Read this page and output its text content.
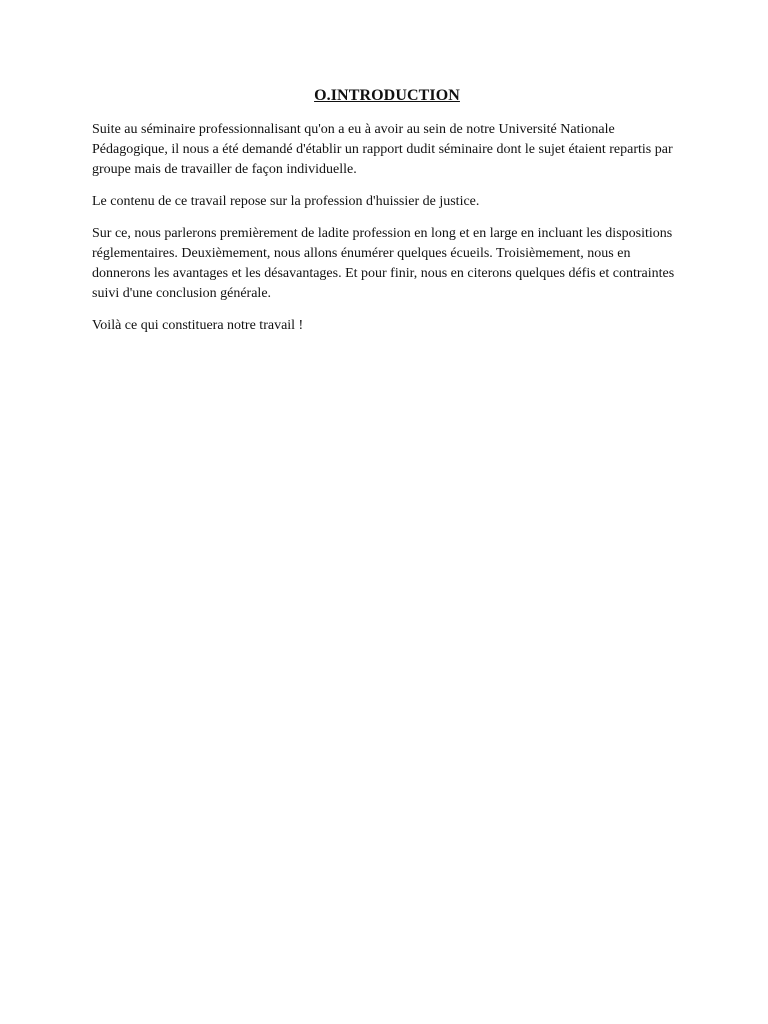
O.INTRODUCTION

Suite au séminaire professionnalisant qu'on a eu à avoir au sein de notre Université Nationale Pédagogique, il nous a été demandé d'établir un rapport dudit séminaire dont le sujet étaient repartis par groupe mais de travailler de façon individuelle.

Le contenu de ce travail repose sur la profession d'huissier de justice.

Sur ce, nous parlerons premièrement de ladite profession en long et en large en incluant les dispositions réglementaires. Deuxièmement, nous allons énumérer quelques écueils. Troisièmement, nous en donnerons les avantages et les désavantages. Et pour finir, nous en citerons quelques défis et contraintes suivi d'une conclusion générale.

Voilà ce qui constituera notre travail !
